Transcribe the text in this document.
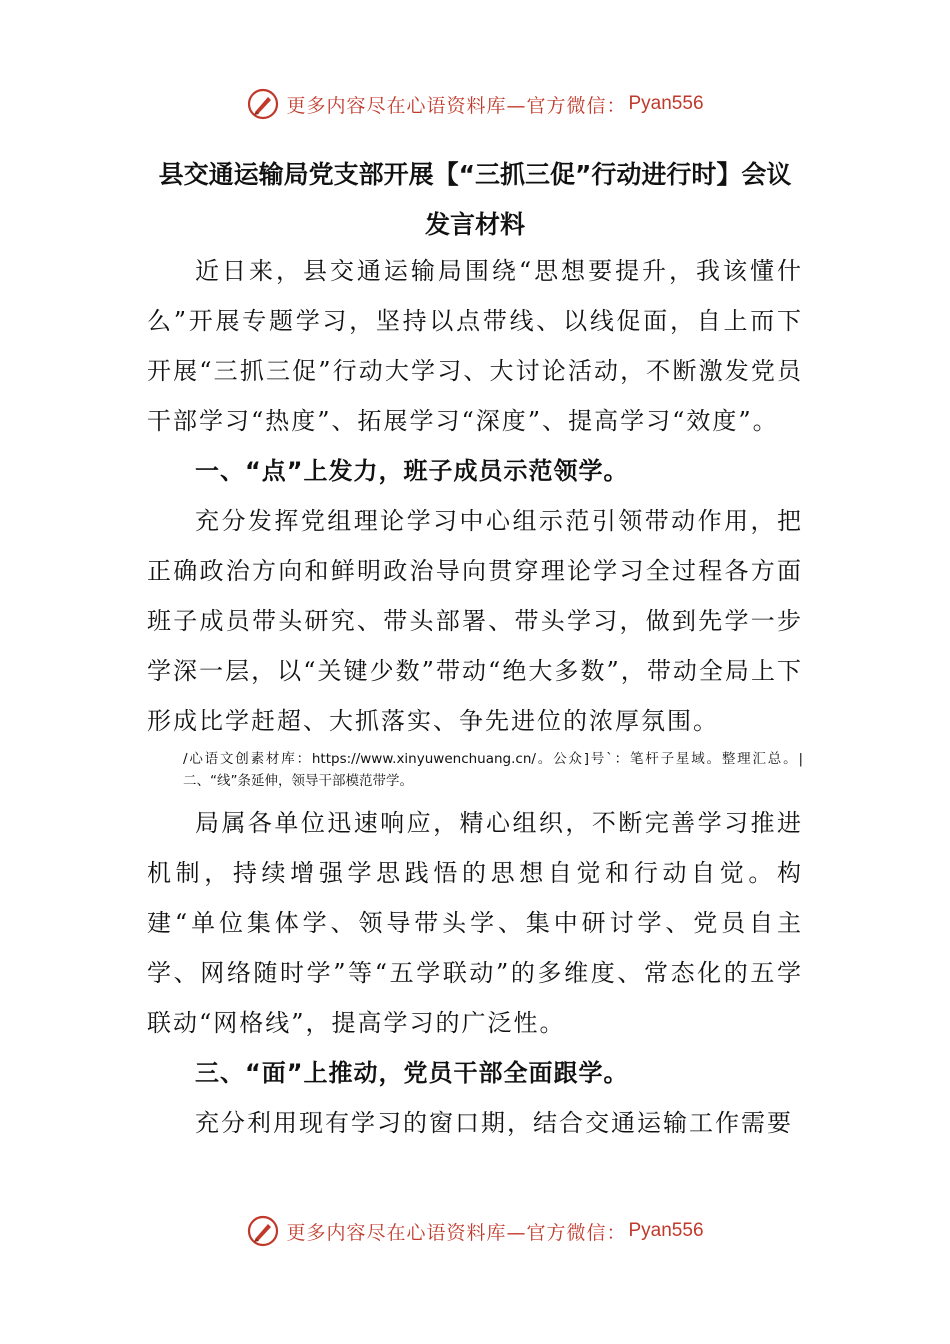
更多内容尽在心语资料库—官方微信： Pyan556
县交通运输局党支部开展【“三抓三促”行动进行时】会议发言材料

近日来，县交通运输局围绕“思想要提升，我该懂什么”开展专题学习，坚持以点带线、以线促面，自上而下开展“三抓三促”行动大学习、大讨论活动，不断激发党员干部学习“热度”、拓展学习“深度”、提高学习“效度”。

一、“点”上发力，班子成员示范领学。

充分发挥党组理论学习中心组示范引领带动作用，把正确政治方向和鲜明政治导向贯穿理论学习全过程各方面班子成员带头研究、带头部署、带头学习，做到先学一步学深一层，以“关键少数”带动“绝大多数”，带动全局上下形成比学赶超、大抓落实、争先进位的浓厚氛围。

/心语文创素材库：https://www.xinyuwenchuang.cn/。公众]号`：笔杆子星域。整理汇总。|二、“线”条延伸，领导干部模范带学。

局属各单位迅速响应，精心组织，不断完善学习推进机制，持续增强学思践悟的思想自觉和行动自觉。构建“单位集体学、领导带头学、集中研讨学、党员自主学、网络随时学”等“五学联动”的多维度、常态化的五学联动“网格线”，提高学习的广泛性。

三、“面”上推动，党员干部全面跟学。

充分利用现有学习的窗口期，结合交通运输工作需要

更多内容尽在心语资料库—官方微信： Pyan556
